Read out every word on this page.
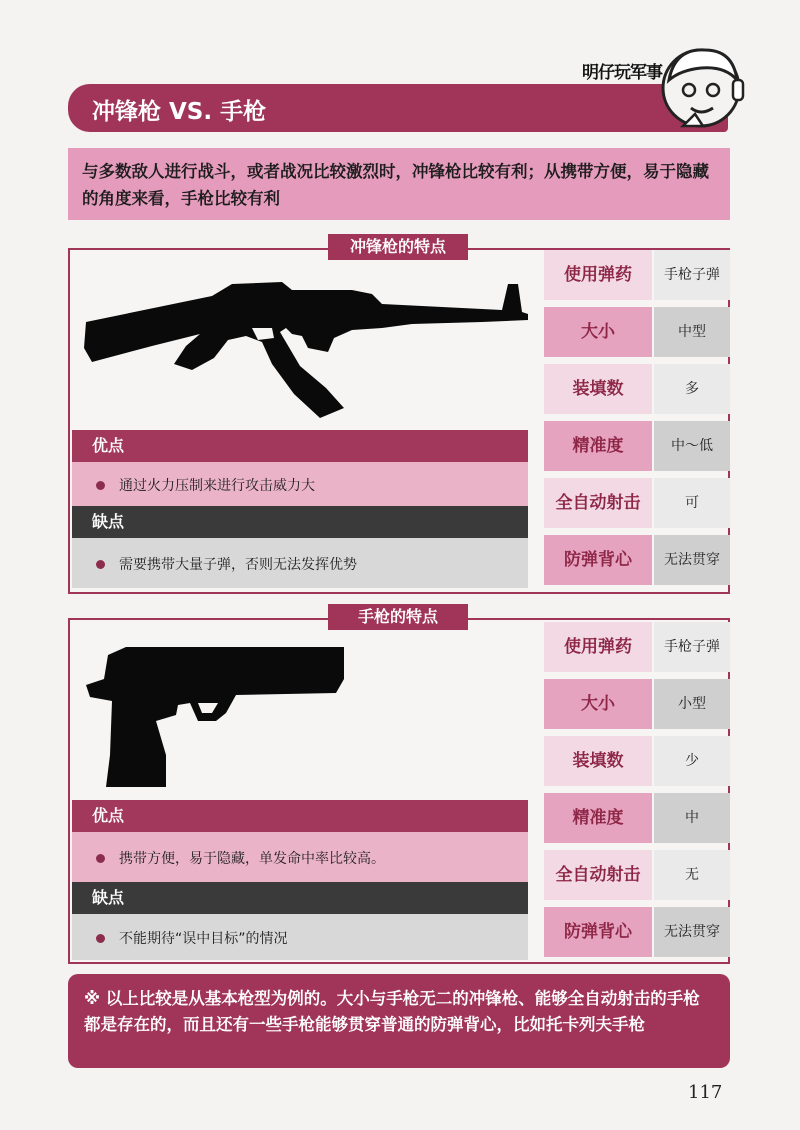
明仔玩军事
冲锋枪 VS. 手枪
与多数敌人进行战斗，或者战况比较激烈时，冲锋枪比较有利；从携带方便，易于隐藏的角度来看，手枪比较有利
冲锋枪的特点
优点
通过火力压制来进行攻击威力大
缺点
需要携带大量子弹，否则无法发挥优势
使用弹药	手枪子弹
大小	中型
装填数	多
精准度	中～低
全自动射击	可
防弹背心	无法贯穿
手枪的特点
优点
携带方便，易于隐藏，单发命中率比较高。
缺点
不能期待“误中目标”的情况
使用弹药	手枪子弹
大小	小型
装填数	少
精准度	中
全自动射击	无
防弹背心	无法贯穿
※ 以上比较是从基本枪型为例的。大小与手枪无二的冲锋枪、能够全自动射击的手枪都是存在的，而且还有一些手枪能够贯穿普通的防弹背心，比如托卡列夫手枪
117
